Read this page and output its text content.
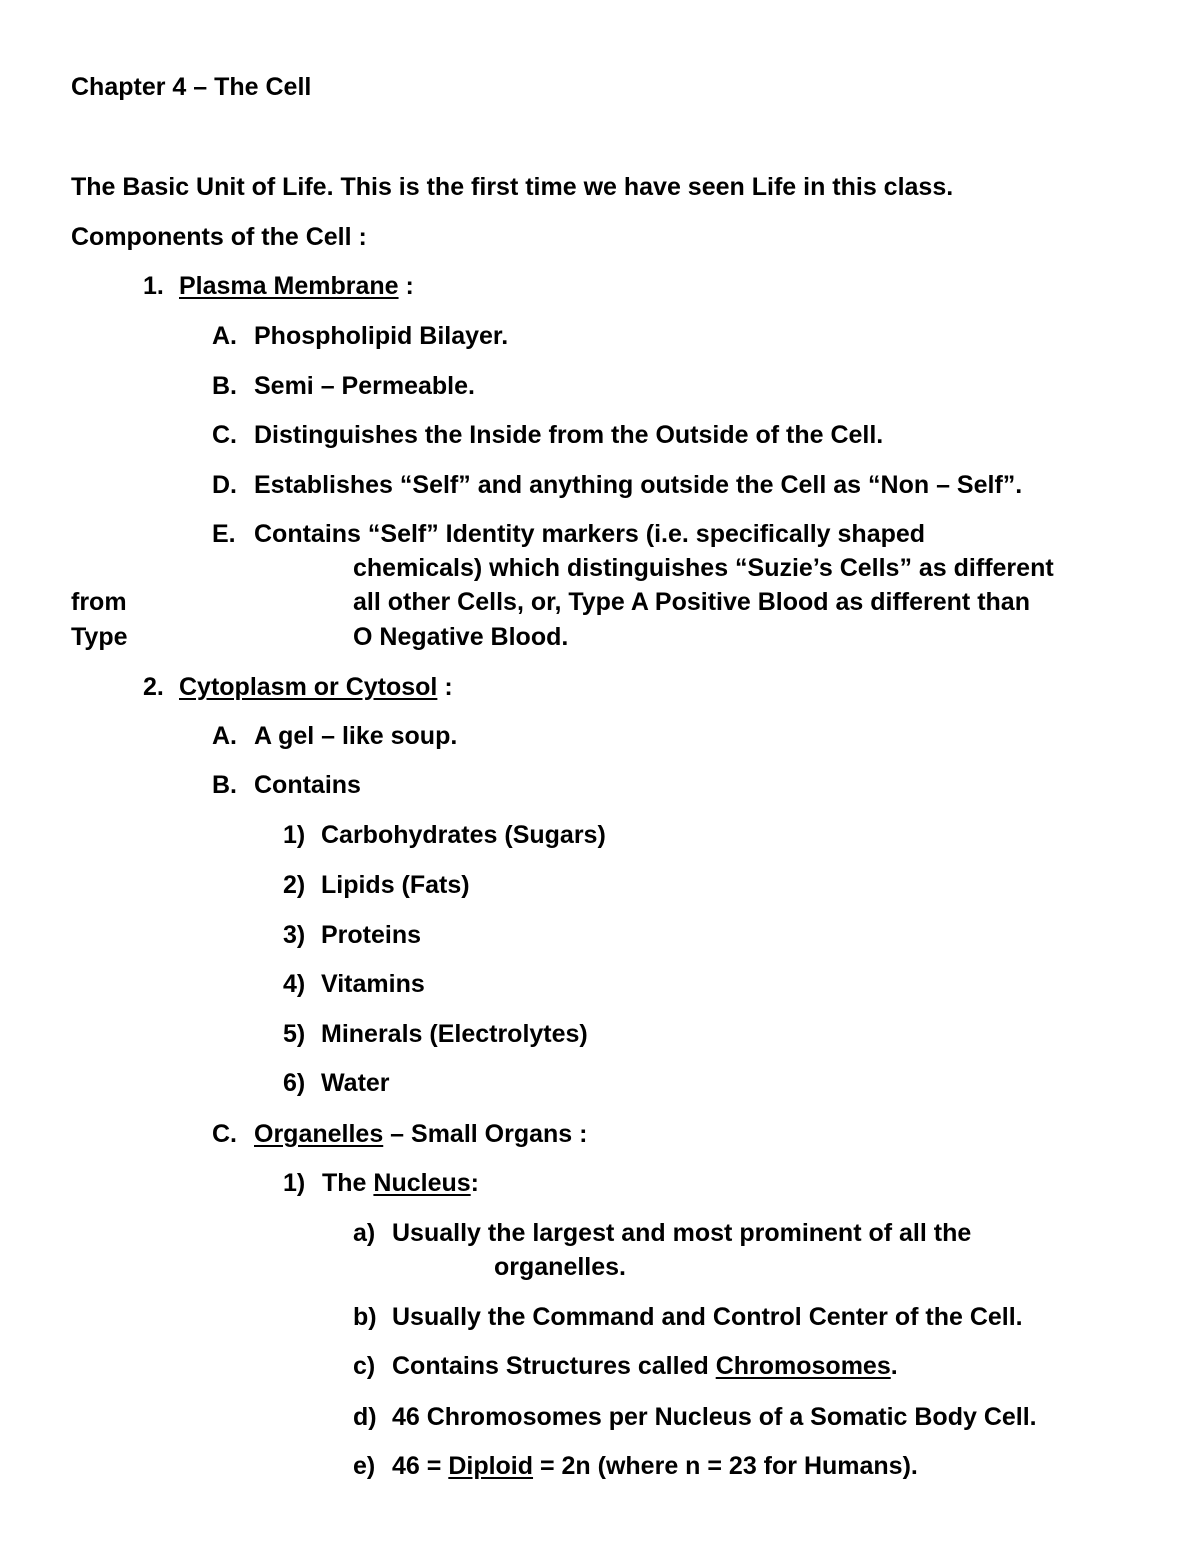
Chapter 4 – The Cell
The Basic Unit of Life. This is the first time we have seen Life in this class.
Components of the Cell :
1. Plasma Membrane :
A. Phospholipid Bilayer.
B. Semi – Permeable.
C. Distinguishes the Inside from the Outside of the Cell.
D. Establishes “Self” and anything outside the Cell as “Non – Self”.
E. Contains “Self” Identity markers (i.e. specifically shaped
chemicals) which distinguishes “Suzie’s Cells” as different
from	all other Cells, or, Type A Positive Blood as different than
Type	O Negative Blood.
2. Cytoplasm or Cytosol :
A. A gel – like soup.
B. Contains
1) Carbohydrates (Sugars)
2) Lipids (Fats)
3) Proteins
4) Vitamins
5) Minerals (Electrolytes)
6) Water
C. Organelles – Small Organs :
1) The Nucleus:
a) Usually the largest and most prominent of all the
organelles.
b) Usually the Command and Control Center of the Cell.
c) Contains Structures called Chromosomes.
d) 46 Chromosomes per Nucleus of a Somatic Body Cell.
e) 46 = Diploid = 2n (where n = 23 for Humans).
